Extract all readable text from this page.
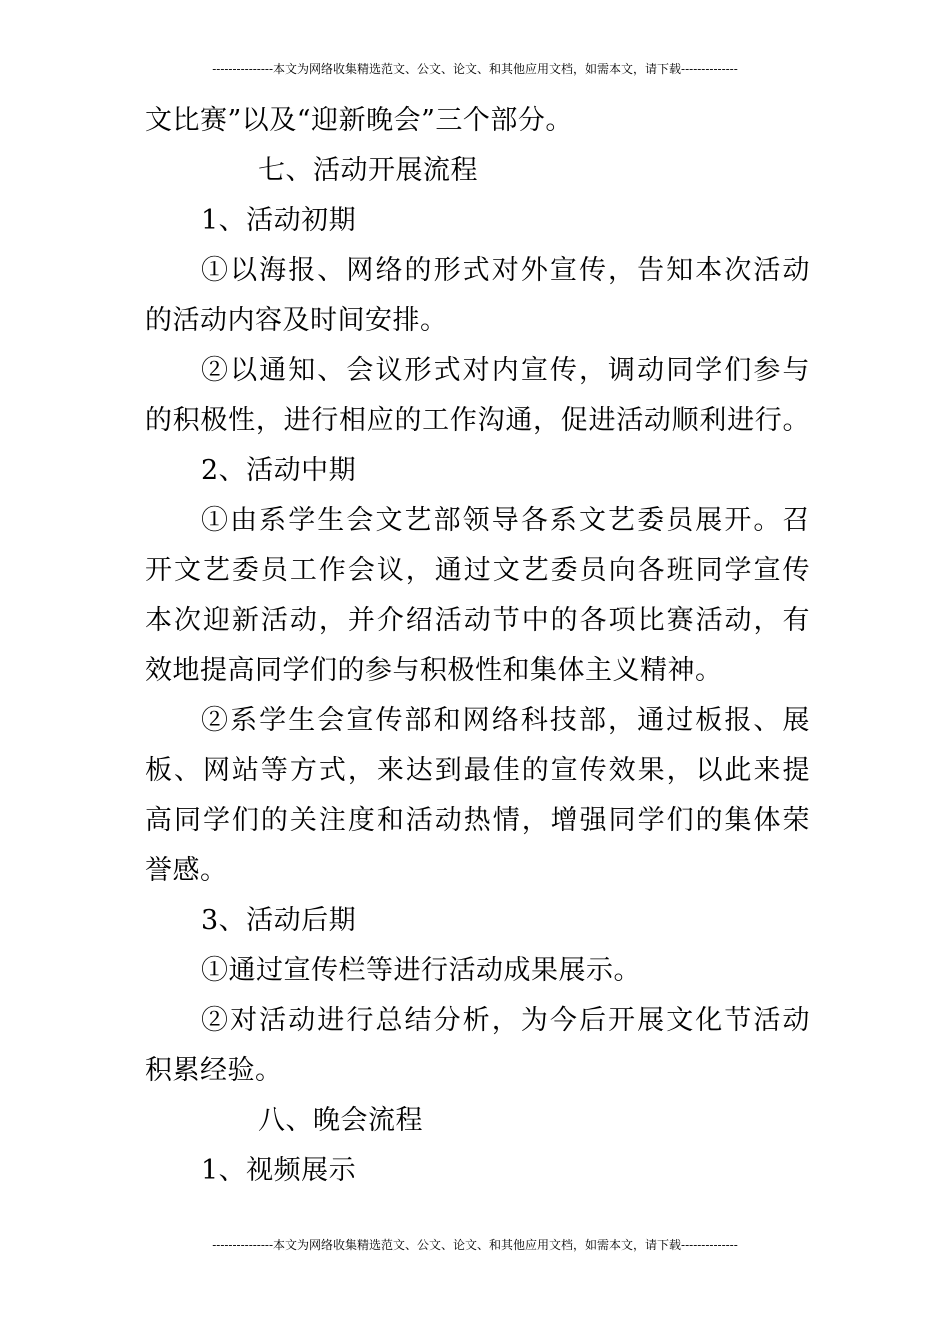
---------------本文为网络收集精选范文、公文、论文、和其他应用文档，如需本文，请下载--------------
文比赛”以及“迎新晚会”三个部分。
七、活动开展流程
1、活动初期
①以海报、网络的形式对外宣传，告知本次活动
的活动内容及时间安排。
②以通知、会议形式对内宣传，调动同学们参与
的积极性，进行相应的工作沟通，促进活动顺利进行。
2、活动中期
①由系学生会文艺部领导各系文艺委员展开。召
开文艺委员工作会议，通过文艺委员向各班同学宣传
本次迎新活动，并介绍活动节中的各项比赛活动，有
效地提高同学们的参与积极性和集体主义精神。
②系学生会宣传部和网络科技部，通过板报、展
板、网站等方式，来达到最佳的宣传效果，以此来提
高同学们的关注度和活动热情，增强同学们的集体荣
誉感。
3、活动后期
①通过宣传栏等进行活动成果展示。
②对活动进行总结分析，为今后开展文化节活动
积累经验。
八、晚会流程
1、视频展示
---------------本文为网络收集精选范文、公文、论文、和其他应用文档，如需本文，请下载--------------
